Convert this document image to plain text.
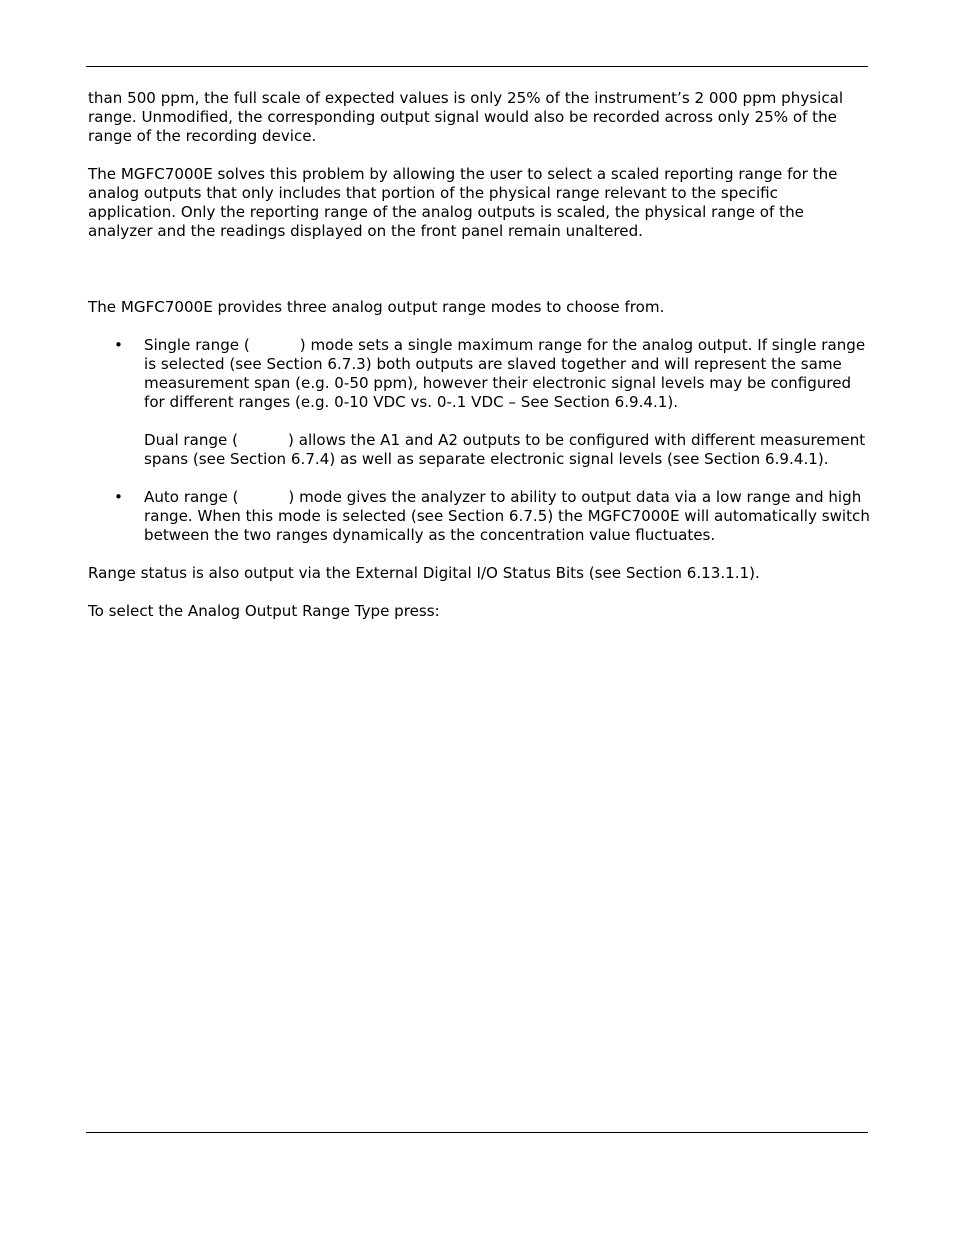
than 500 ppm, the full scale of expected values is only 25% of the instrument’s 2 000 ppm physical range. Unmodified, the corresponding output signal would also be recorded across only 25% of the range of the recording device.

The MGFC7000E solves this problem by allowing the user to select a scaled reporting range for the analog outputs that only includes that portion of the physical range relevant to the specific application. Only the reporting range of the analog outputs is scaled, the physical range of the analyzer and the readings displayed on the front panel remain unaltered.

The MGFC7000E provides three analog output range modes to choose from.

• Single range (	) mode sets a single maximum range for the analog output. If single range is selected (see Section 6.7.3) both outputs are slaved together and will represent the same measurement span (e.g. 0-50 ppm), however their electronic signal levels may be configured for different ranges (e.g. 0-10 VDC vs. 0-.1 VDC – See Section 6.9.4.1).
Dual range (	) allows the A1 and A2 outputs to be configured with different measurement spans (see Section 6.7.4) as well as separate electronic signal levels (see Section 6.9.4.1).
• Auto range (	) mode gives the analyzer to ability to output data via a low range and high range. When this mode is selected (see Section 6.7.5) the MGFC7000E will automatically switch between the two ranges dynamically as the concentration value fluctuates.

Range status is also output via the External Digital I/O Status Bits (see Section 6.13.1.1).

To select the Analog Output Range Type press:
